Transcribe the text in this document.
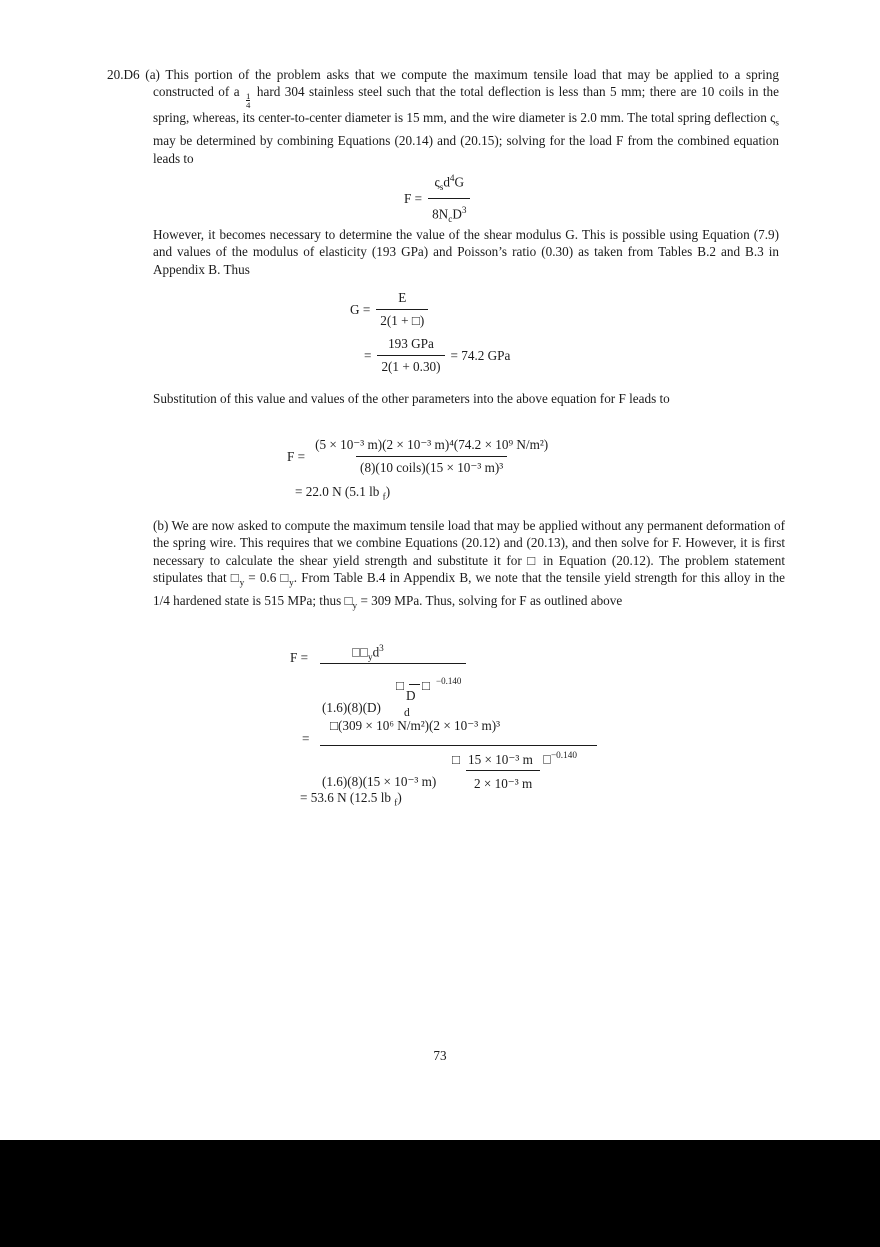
20.D6 (a) This portion of the problem asks that we compute the maximum tensile load that may be applied to a spring constructed of a
$\frac{1}{4}$
hard 304 stainless steel such that the total deflection is less than 5 mm; there are 10 coils in the spring, whereas, its center-to-center diameter is 15 mm, and the wire diameter is 2.0 mm. The total spring deflection $\varsigma_s$ may be determined by combining Equations (20.14) and (20.15); solving for the load F from the combined equation leads to

$F = \frac{\varsigma_sd^4G}{8N_cD^3}$

However, it becomes necessary to determine the value of the shear modulus G. This is possible using Equation (7.9) and values of the modulus of elasticity (193 GPa) and Poisson’s ratio (0.30) as taken from Tables B.2 and B.3 in Appendix B. Thus

$G = \frac{E}{2(1 + □)}$
= $\frac{\text{193 GPa}}{2(1 + 0.30)} = 74.2$ GPa

Substitution of this value and values of the other parameters into the above equation for F leads to

$F = \frac{\text{(5 × 10⁻³ m)(2 × 10⁻³ m)⁴(74.2 × 10⁹ N/m²)}}{\text{(8)(10 coils)(15 × 10⁻³ m)³}}$
= 22.0 N (5.1 lb $_f$)

(b) We are now asked to compute the maximum tensile load that may be applied without any permanent deformation of the spring wire. This requires that we combine Equations (20.12) and (20.13), and then solve for F. However, it is first necessary to calculate the shear yield strength and substitute it for □ in Equation (20.12). The problem statement stipulates that $□_y = 0.6$ $□_y$. From Table B.4 in Appendix B, we note that the tensile yield strength for this alloy in the 1/4 hardened state is 515 MPa; thus $□_y = 309$ MPa. Thus, solving for F as outlined above

F =	$□□_yd^3$
□ □ −0.140
D
(1.6)(8)(D) d
□(309 × 10⁶ N/m²)(2 × 10⁻³ m)³
=
□ 15 × 10⁻³ m □$^{-0.140}$
(1.6)(8)(15 × 10⁻³ m)	2 × 10⁻³ m
= 53.6 N (12.5 lb $_f$)
73
